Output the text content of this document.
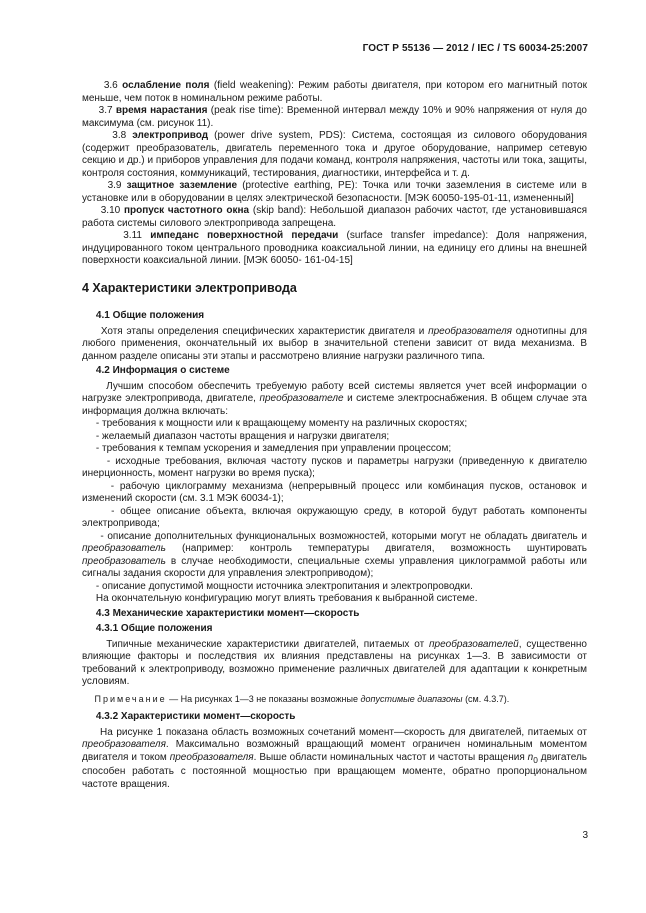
ГОСТ Р 55136 — 2012 / IEC / TS 60034-25:2007

3.6 ослабление поля (field weakening): Режим работы двигателя, при котором его магнитный поток меньше, чем поток в номинальном режиме работы.

3.7 время нарастания (peak rise time): Временной интервал между 10% и 90% напряжения от нуля до максимума (см. рисунок 11).

3.8 электропривод (power drive system, PDS): Система, состоящая из силового оборудования (содержит преобразователь, двигатель переменного тока и другое оборудование, например сетевую секцию и др.) и приборов управления для подачи команд, контроля напряжения, частоты или тока, защиты, контроля состояния, коммуникаций, тестирования, диагностики, интерфейса и т. д.

3.9 защитное заземление (protective earthing, PE): Точка или точки заземления в системе или в установке или в оборудовании в целях электрической безопасности. [МЭК 60050-195-01-11, измененный]

3.10 пропуск частотного окна (skip band): Небольшой диапазон рабочих частот, где установившаяся работа системы силового электропривода запрещена.

3.11 импеданс поверхностной передачи (surface transfer impedance): Доля напряжения, индуцированного током центрального проводника коаксиальной линии, на единицу его длины на внешней поверхности коаксиальной линии. [МЭК 60050- 161-04-15]

4 Характеристики электропривода

4.1 Общие положения

Хотя этапы определения специфических характеристик двигателя и преобразователя однотипны для любого применения, окончательный их выбор в значительной степени зависит от вида механизма. В данном разделе описаны эти этапы и рассмотрено влияние нагрузки различного типа.

4.2 Информация о системе

Лучшим способом обеспечить требуемую работу всей системы является учет всей информации о нагрузке электропривода, двигателе, преобразователе и системе электроснабжения. В общем случае эта информация должна включать:

- требования к мощности или к вращающему моменту на различных скоростях;

- желаемый диапазон частоты вращения и нагрузки двигателя;

- требования к темпам ускорения и замедления при управлении процессом;

- исходные требования, включая частоту пусков и параметры нагрузки (приведенную к двигателю инерционность, момент нагрузки во время пуска);

- рабочую циклограмму механизма (непрерывный процесс или комбинация пусков, остановок и изменений скорости (см. 3.1 МЭК 60034-1);

- общее описание объекта, включая окружающую среду, в которой будут работать компоненты электропривода;

- описание дополнительных функциональных возможностей, которыми могут не обладать двигатель и преобразователь (например: контроль температуры двигателя, возможность шунтировать преобразователь в случае необходимости, специальные схемы управления циклограммой работы или сигналы задания скорости для управления электроприводом);

- описание допустимой мощности источника электропитания и электропроводки.

На окончательную конфигурацию могут влиять требования к выбранной системе.

4.3 Механические характеристики момент—скорость

4.3.1 Общие положения

Типичные механические характеристики двигателей, питаемых от преобразователей, существенно влияющие факторы и последствия их влияния представлены на рисунках 1—3. В зависимости от требований к электроприводу, возможно применение различных двигателей для адаптации к конкретным условиям.

Примечание — На рисунках 1—3 не показаны возможные допустимые диапазоны (см. 4.3.7).

4.3.2 Характеристики момент—скорость

На рисунке 1 показана область возможных сочетаний момент—скорость для двигателей, питаемых от преобразователя. Максимально возможный вращающий момент ограничен номинальным моментом двигателя и током преобразователя. Выше области номинальных частот и частоты вращения $n_0$ двигатель способен работать с постоянной мощностью при вращающем моменте, обратно пропорциональном частоте вращения.

3
